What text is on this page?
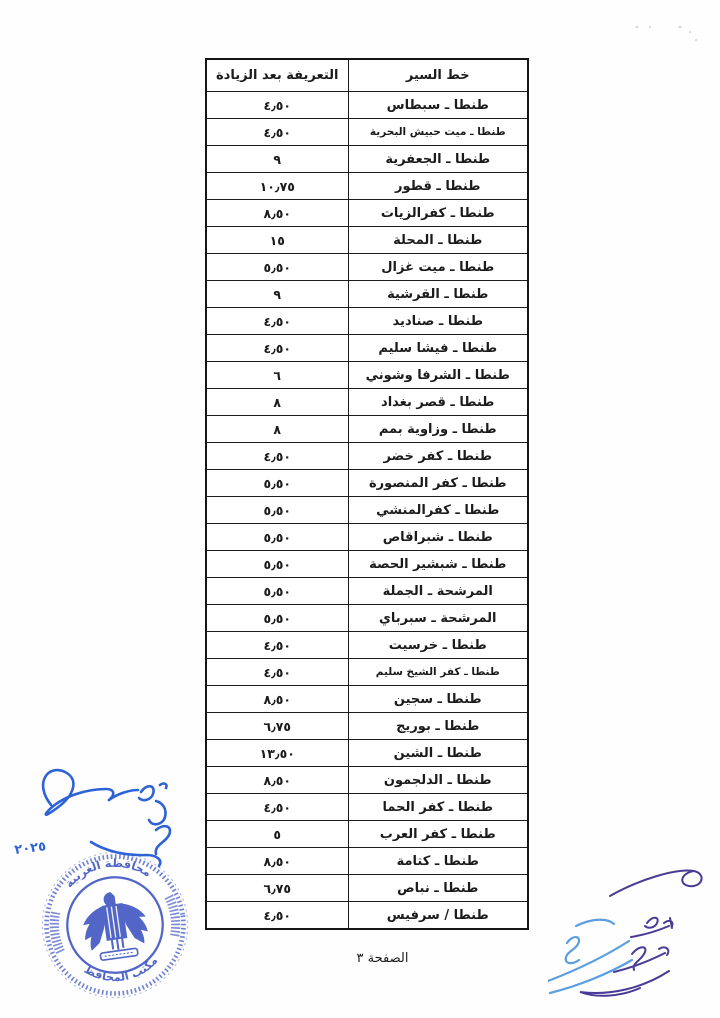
التعريفة بعد الزيادة	خط السير
٤٫٥٠	طنطا ـ سبطاس
٤٫٥٠	طنطا ـ ميت حبيش البحرية
٩	طنطا ـ الجعفرية
١٠٫٧٥	طنطا ـ قطور
٨٫٥٠	طنطا ـ كفرالزيات
١٥	طنطا ـ المحلة
٥٫٥٠	طنطا ـ ميت غزال
٩	طنطا ـ القرشية
٤٫٥٠	طنطا ـ صناديد
٤٫٥٠	طنطا ـ فيشا سليم
٦	طنطا ـ الشرفا وشوني
٨	طنطا ـ قصر بغداد
٨	طنطا ـ وزاوية بمم
٤٫٥٠	طنطا ـ كفر خضر
٥٫٥٠	طنطا ـ كفر المنصورة
٥٫٥٠	طنطا ـ كفرالمنشي
٥٫٥٠	طنطا ـ شبراقاص
٥٫٥٠	طنطا ـ شبشير الحصة
٥٫٥٠	المرشحة ـ الجملة
٥٫٥٠	المرشحة ـ سبرباي
٤٫٥٠	طنطا ـ خرسيت
٤٫٥٠	طنطا ـ كفر الشيخ سليم
٨٫٥٠	طنطا ـ سجين
٦٫٧٥	طنطا ـ بوريج
١٣٫٥٠	طنطا ـ الشين
٨٫٥٠	طنطا ـ الدلجمون
٤٫٥٠	طنطا ـ كفر الحما
٥	طنطا ـ كفر العرب
٨٫٥٠	طنطا ـ كتامة
٦٫٧٥	طنطا ـ نباص
٤٫٥٠	طنطا / سرفيس
الصفحة ٣
محافظة الغربية
مكتب المحافظ
٢٠٢٥
